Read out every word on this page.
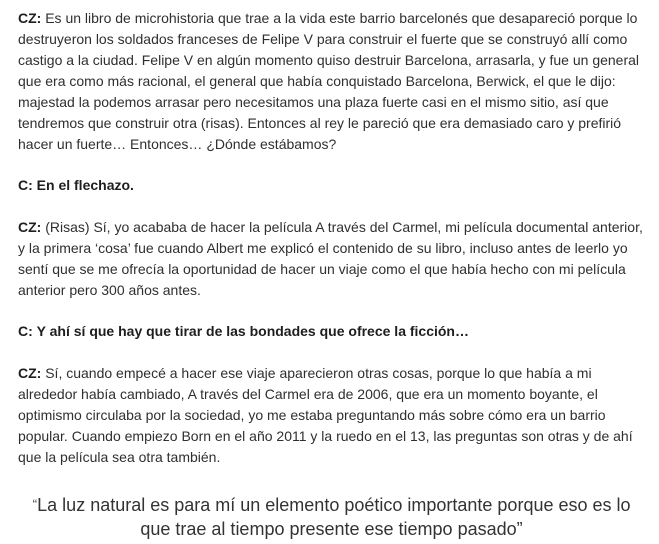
CZ: Es un libro de microhistoria que trae a la vida este barrio barcelonés que desapareció porque lo destruyeron los soldados franceses de Felipe V para construir el fuerte que se construyó allí como castigo a la ciudad. Felipe V en algún momento quiso destruir Barcelona, arrasarla, y fue un general que era como más racional, el general que había conquistado Barcelona, Berwick, el que le dijo: majestad la podemos arrasar pero necesitamos una plaza fuerte casi en el mismo sitio, así que tendremos que construir otra (risas). Entonces al rey le pareció que era demasiado caro y prefirió hacer un fuerte… Entonces… ¿Dónde estábamos?

C: En el flechazo.

CZ: (Risas) Sí, yo acababa de hacer la película A través del Carmel, mi película documental anterior, y la primera ‘cosa’ fue cuando Albert me explicó el contenido de su libro, incluso antes de leerlo yo sentí que se me ofrecía la oportunidad de hacer un viaje como el que había hecho con mi película anterior pero 300 años antes.

C: Y ahí sí que hay que tirar de las bondades que ofrece la ficción…

CZ: Sí, cuando empecé a hacer ese viaje aparecieron otras cosas, porque lo que había a mi alrededor había cambiado, A través del Carmel era de 2006, que era un momento boyante, el optimismo circulaba por la sociedad, yo me estaba preguntando más sobre cómo era un barrio popular. Cuando empiezo Born en el año 2011 y la ruedo en el 13, las preguntas son otras y de ahí que la película sea otra también.

“La luz natural es para mí un elemento poético importante porque eso es lo que trae al tiempo presente ese tiempo pasado”
